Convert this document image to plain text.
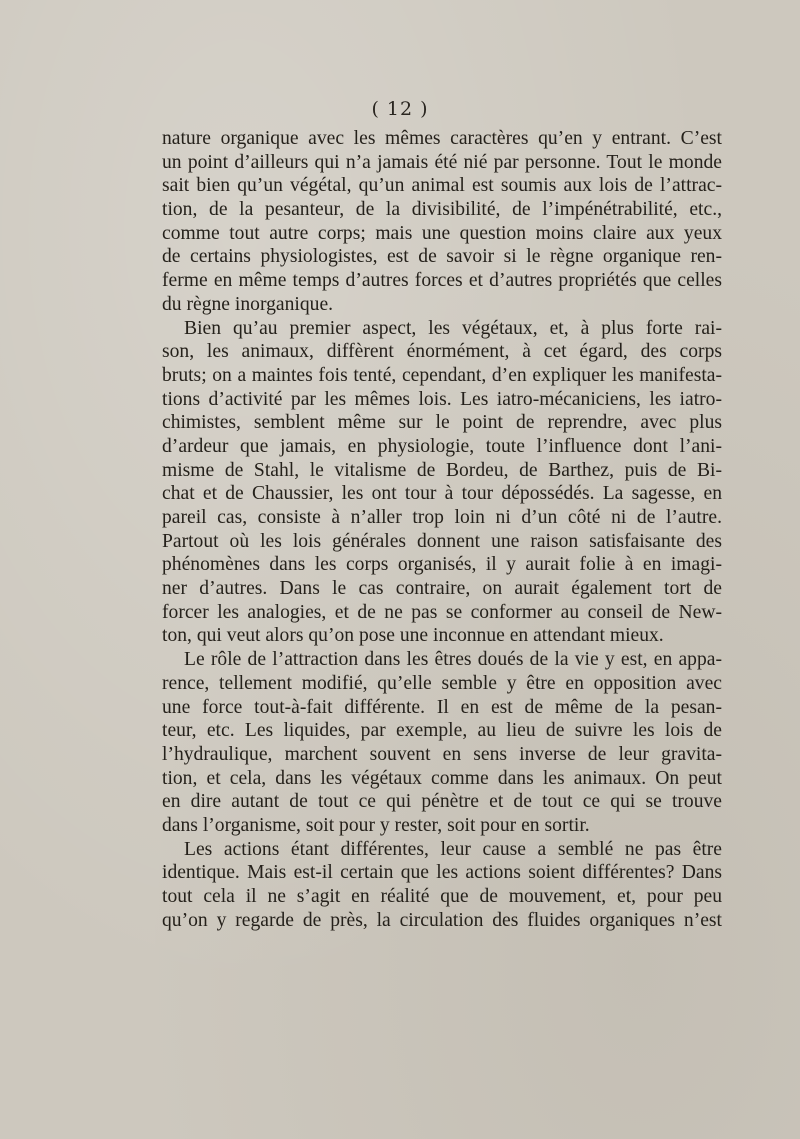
( 12 )
nature organique avec les mêmes caractères qu’en y entrant. C’est
un point d’ailleurs qui n’a jamais été nié par personne. Tout le monde
sait bien qu’un végétal, qu’un animal est soumis aux lois de l’attrac-
tion, de la pesanteur, de la divisibilité, de l’impénétrabilité, etc.,
comme tout autre corps; mais une question moins claire aux yeux
de certains physiologistes, est de savoir si le règne organique ren-
ferme en même temps d’autres forces et d’autres propriétés que celles
du règne inorganique.
Bien qu’au premier aspect, les végétaux, et, à plus forte rai-
son, les animaux, diffèrent énormément, à cet égard, des corps
bruts; on a maintes fois tenté, cependant, d’en expliquer les manifesta-
tions d’activité par les mêmes lois. Les iatro-mécaniciens, les iatro-
chimistes, semblent même sur le point de reprendre, avec plus
d’ardeur que jamais, en physiologie, toute l’influence dont l’ani-
misme de Stahl, le vitalisme de Bordeu, de Barthez, puis de Bi-
chat et de Chaussier, les ont tour à tour dépossédés. La sagesse, en
pareil cas, consiste à n’aller trop loin ni d’un côté ni de l’autre.
Partout où les lois générales donnent une raison satisfaisante des
phénomènes dans les corps organisés, il y aurait folie à en imagi-
ner d’autres. Dans le cas contraire, on aurait également tort de
forcer les analogies, et de ne pas se conformer au conseil de New-
ton, qui veut alors qu’on pose une inconnue en attendant mieux.
Le rôle de l’attraction dans les êtres doués de la vie y est, en appa-
rence, tellement modifié, qu’elle semble y être en opposition avec
une force tout-à-fait différente. Il en est de même de la pesan-
teur, etc. Les liquides, par exemple, au lieu de suivre les lois de
l’hydraulique, marchent souvent en sens inverse de leur gravita-
tion, et cela, dans les végétaux comme dans les animaux. On peut
en dire autant de tout ce qui pénètre et de tout ce qui se trouve
dans l’organisme, soit pour y rester, soit pour en sortir.
Les actions étant différentes, leur cause a semblé ne pas être
identique. Mais est-il certain que les actions soient différentes? Dans
tout cela il ne s’agit en réalité que de mouvement, et, pour peu
qu’on y regarde de près, la circulation des fluides organiques n’est
